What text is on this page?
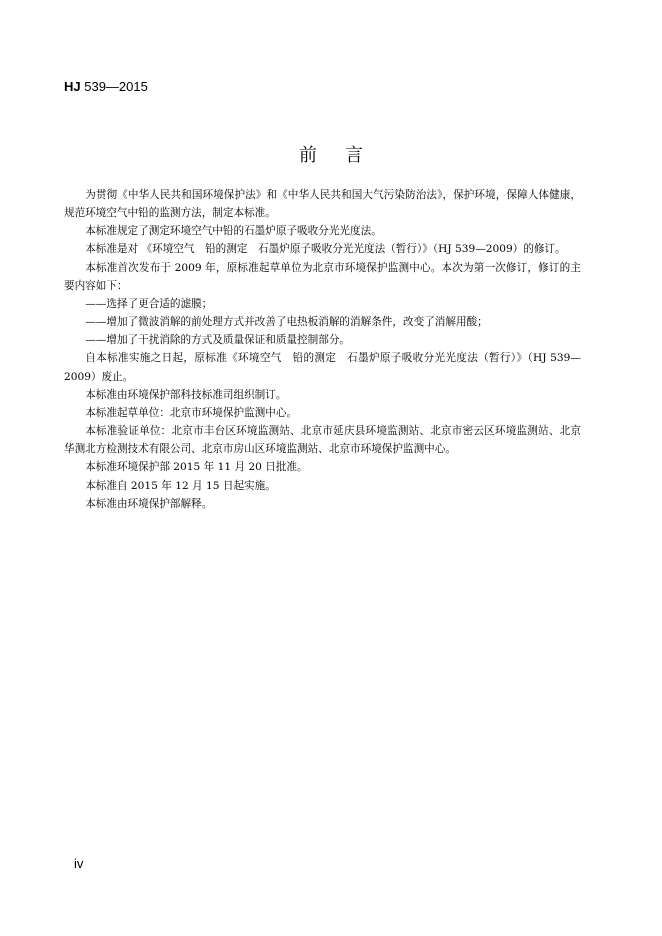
HJ 539—2015
前言

为贯彻《中华人民共和国环境保护法》和《中华人民共和国大气污染防治法》，保护环境，保障人体健康，规范环境空气中铅的监测方法，制定本标准。

本标准规定了测定环境空气中铅的石墨炉原子吸收分光光度法。

本标准是对 《环境空气　铅的测定　石墨炉原子吸收分光光度法（暂行）》（HJ 539—2009）的修订。

本标准首次发布于 2009 年，原标准起草单位为北京市环境保护监测中心。本次为第一次修订，修订的主要内容如下：

——选择了更合适的滤膜；

——增加了微波消解的前处理方式并改善了电热板消解的消解条件，改变了消解用酸；

——增加了干扰消除的方式及质量保证和质量控制部分。

自本标准实施之日起，原标准《环境空气　铅的测定　石墨炉原子吸收分光光度法（暂行）》（HJ 539—2009）废止。

本标准由环境保护部科技标准司组织制订。

本标准起草单位：北京市环境保护监测中心。

本标准验证单位：北京市丰台区环境监测站、北京市延庆县环境监测站、北京市密云区环境监测站、北京华测北方检测技术有限公司、北京市房山区环境监测站、北京市环境保护监测中心。

本标准环境保护部 2015 年 11 月 20 日批准。

本标准自 2015 年 12 月 15 日起实施。

本标准由环境保护部解释。

iv
